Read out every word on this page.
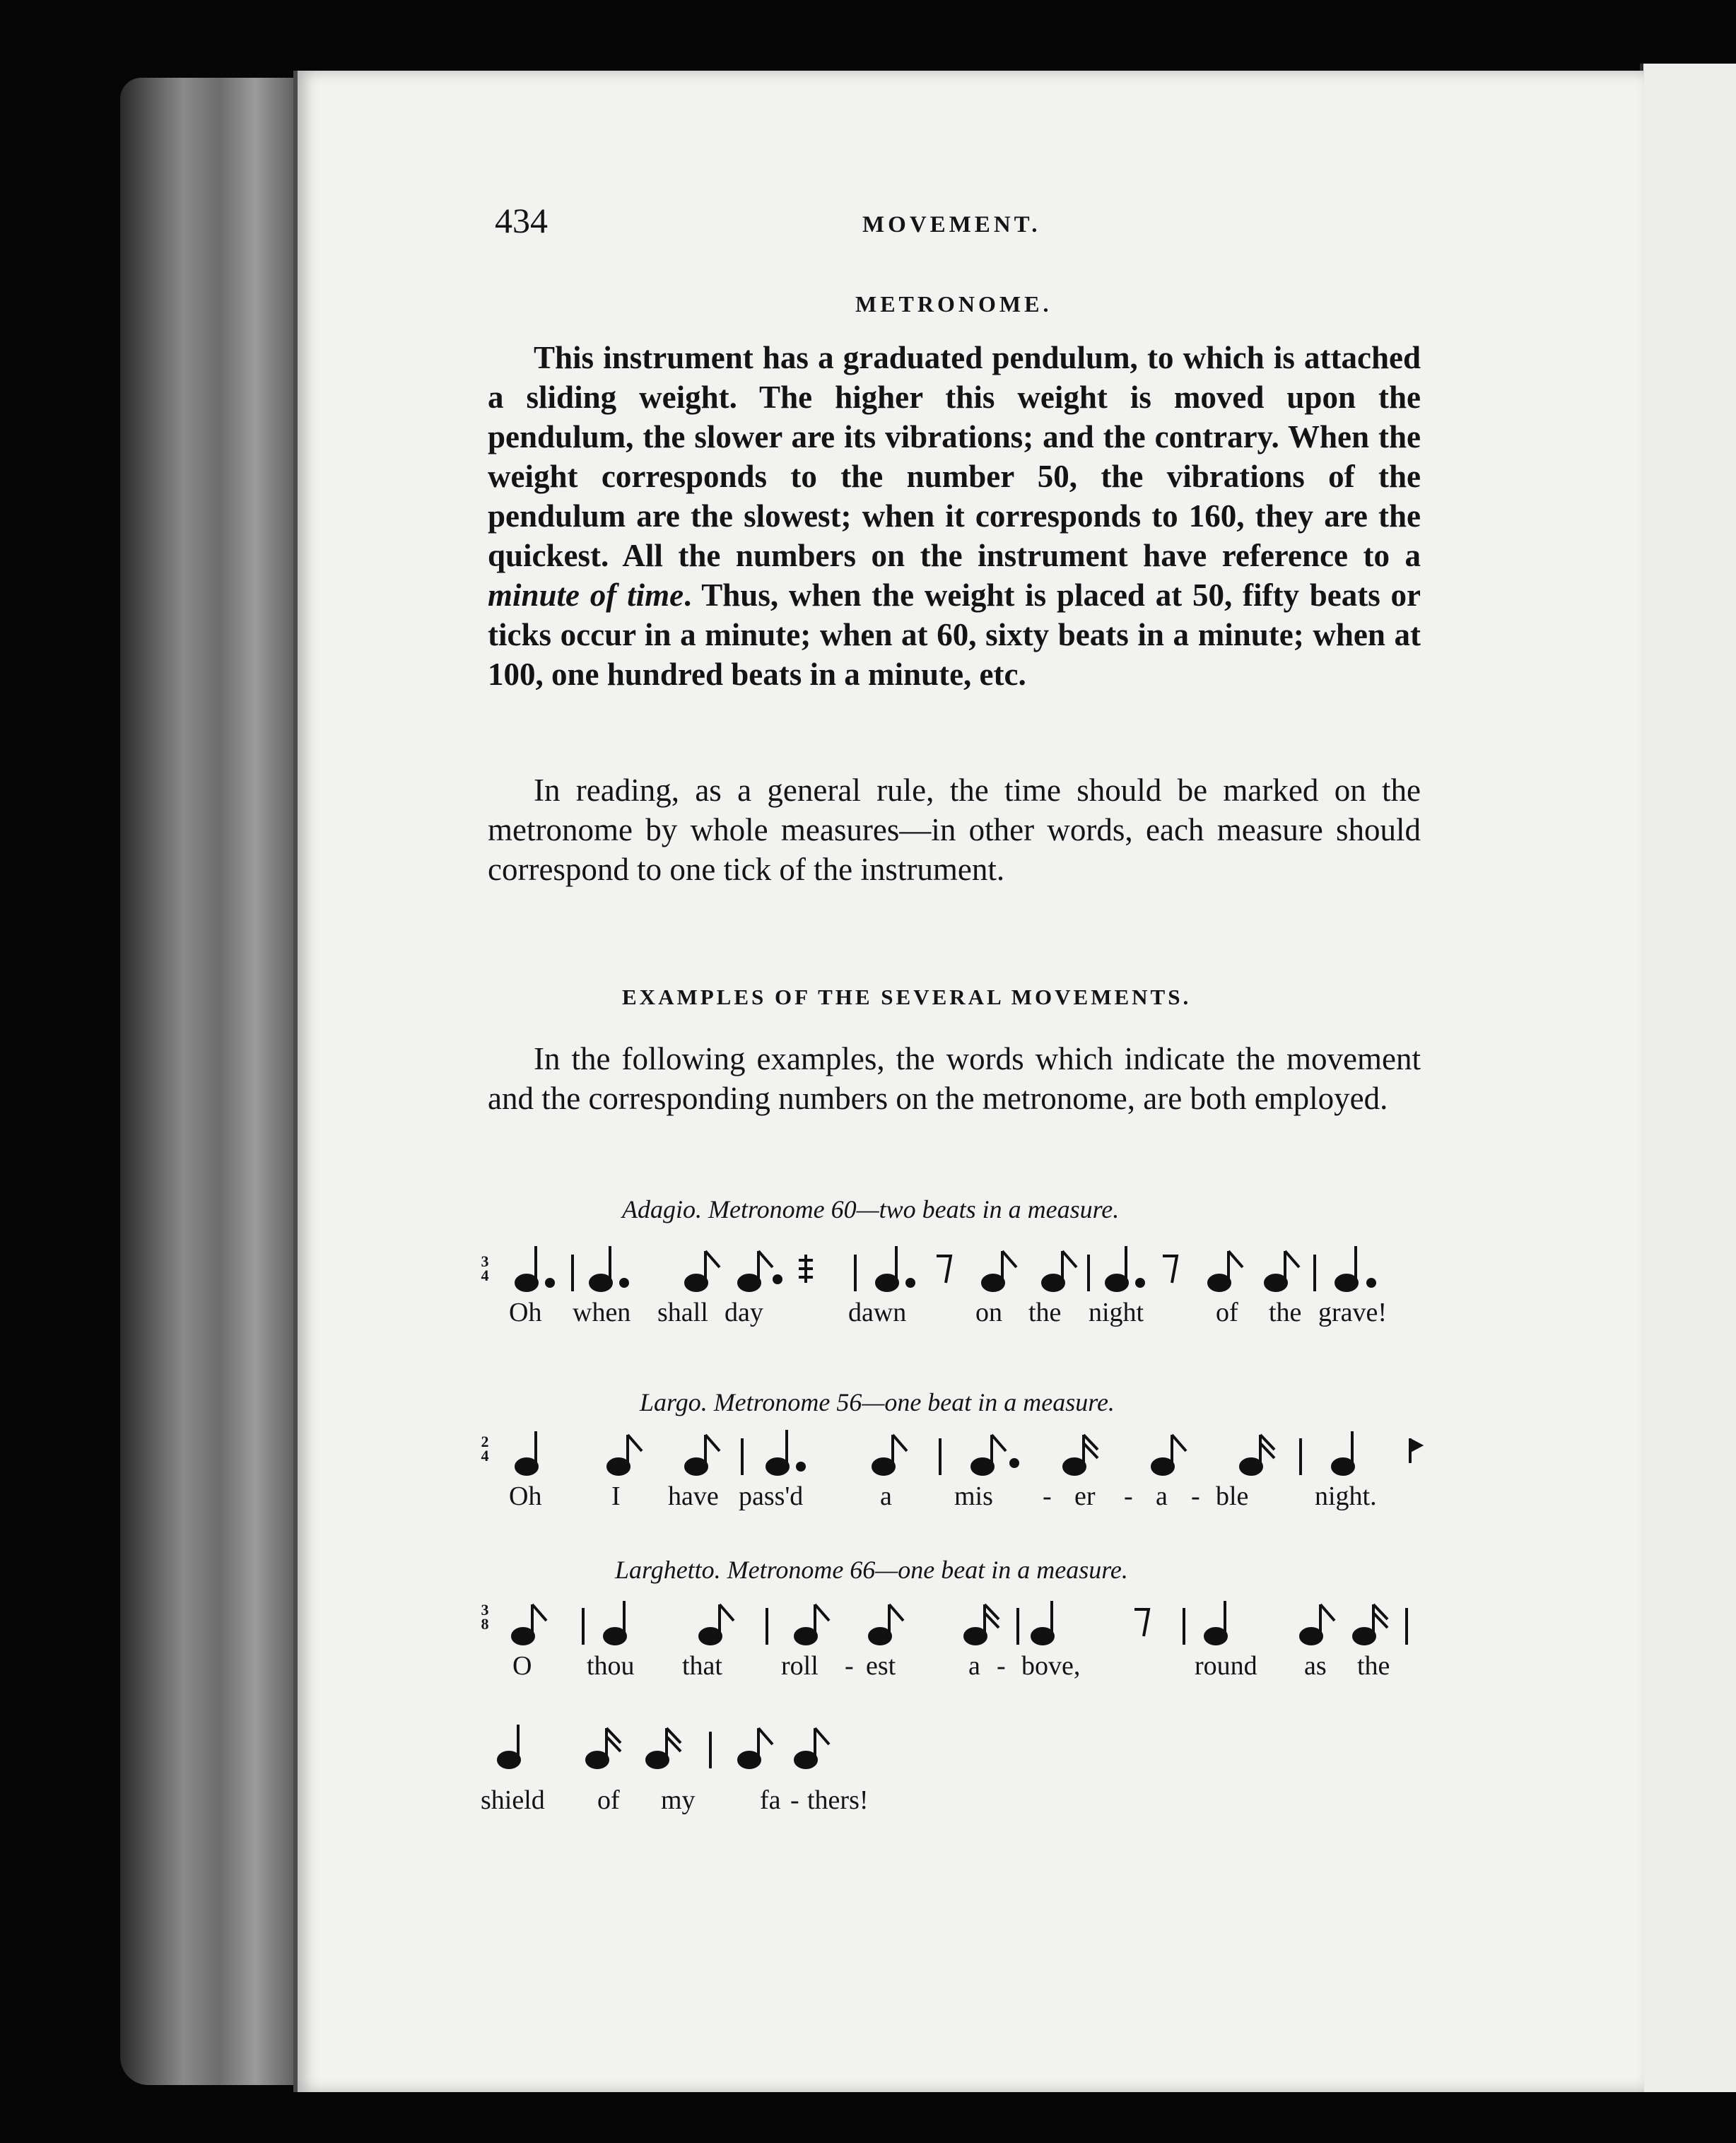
434	MOVEMENT.
METRONOME.
This instrument has a graduated pendulum, to which is attached a sliding weight. The higher this weight is moved upon the pendulum, the slower are its vibrations; and the contrary. When the weight corresponds to the number 50, the vibrations of the pendulum are the slowest; when it corresponds to 160, they are the quickest. All the numbers on the instrument have reference to a minute of time. Thus, when the weight is placed at 50, fifty beats or ticks occur in a minute; when at 60, sixty beats in a minute; when at 100, one hundred beats in a minute, etc.
In reading, as a general rule, the time should be marked on the metronome by whole measures—in other words, each measure should correspond to one tick of the instrument.
EXAMPLES OF THE SEVERAL MOVEMENTS.
In the following examples, the words which indicate the movement and the corresponding numbers on the metronome, are both employed.
Adagio. Metronome 60—two beats in a measure.
3
4
Oh when shall day	dawn	on the night	of the grave!
Largo. Metronome 56—one beat in a measure.
2
4
Oh	I have pass'd	a mis - er - a - ble night.
Larghetto. Metronome 66—one beat in a measure.
3
8
O thou that roll - est	a - bove,	round as the
shield of my fa - thers!
